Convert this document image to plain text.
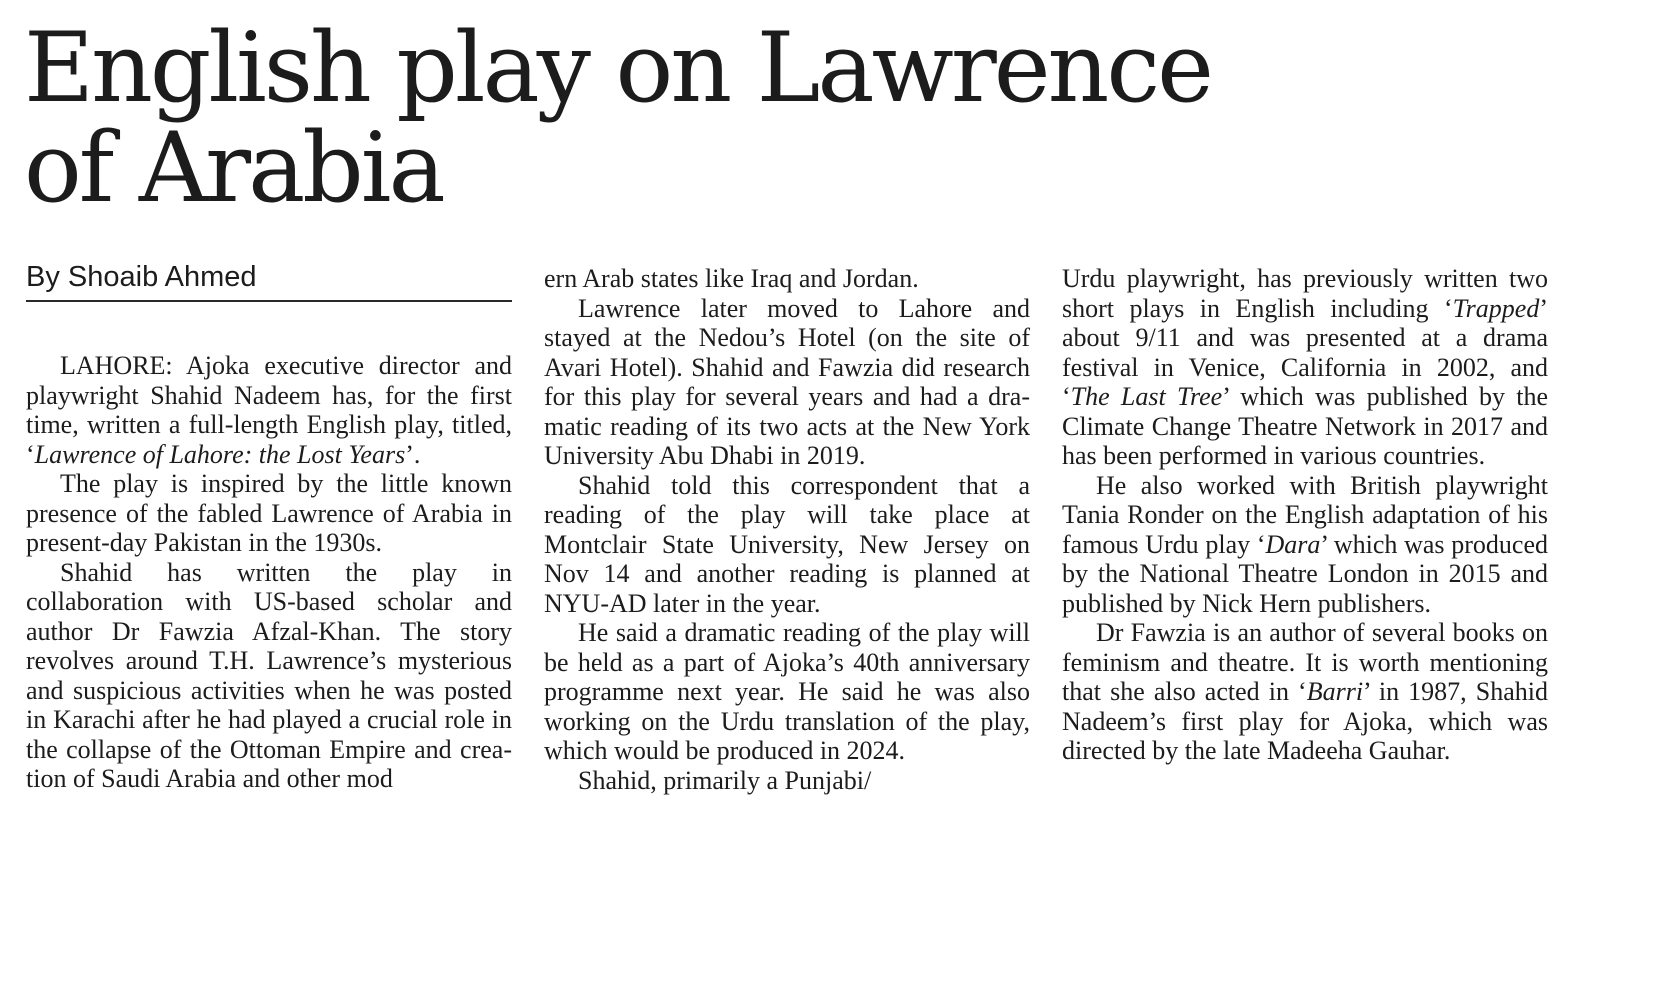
English play on Lawrence
of Arabia
By Shoaib Ahmed

LAHORE: Ajoka executive director and playwright Shahid Nadeem has, for the first time, written a full-length English play, titled, ‘Lawrence of Lahore: the Lost Years’.

The play is inspired by the little known presence of the fabled Lawrence of Arabia in present-day Pakistan in the 1930s.

Shahid has written the play in collaboration with US-based scholar and author Dr Fawzia Afzal-Khan. The story revolves around T.H. Lawrence’s mysterious and suspicious activities when he was posted in Karachi after he had played a crucial role in the collapse of the Ottoman Empire and creation of Saudi Arabia and other mod

ern Arab states like Iraq and Jordan.

Lawrence later moved to Lahore and stayed at the Nedou’s Hotel (on the site of Avari Hotel). Shahid and Fawzia did research for this play for several years and had a dramatic reading of its two acts at the New York University Abu Dhabi in 2019.

Shahid told this correspondent that a reading of the play will take place at Montclair State University, New Jersey on Nov 14 and another reading is planned at NYU-AD later in the year.

He said a dramatic reading of the play will be held as a part of Ajoka’s 40th anniversary programme next year. He said he was also working on the Urdu translation of the play, which would be produced in 2024.

Shahid, primarily a Punjabi/

Urdu playwright, has previously written two short plays in English including ‘Trapped’ about 9/11 and was presented at a drama festival in Venice, California in 2002, and ‘The Last Tree’ which was published by the Climate Change Theatre Network in 2017 and has been performed in various countries.

He also worked with British playwright Tania Ronder on the English adaptation of his famous Urdu play ‘Dara’ which was produced by the National Theatre London in 2015 and published by Nick Hern publishers.

Dr Fawzia is an author of several books on feminism and theatre. It is worth mentioning that she also acted in ‘Barri’ in 1987, Shahid Nadeem’s first play for Ajoka, which was directed by the late Madeeha Gauhar.
